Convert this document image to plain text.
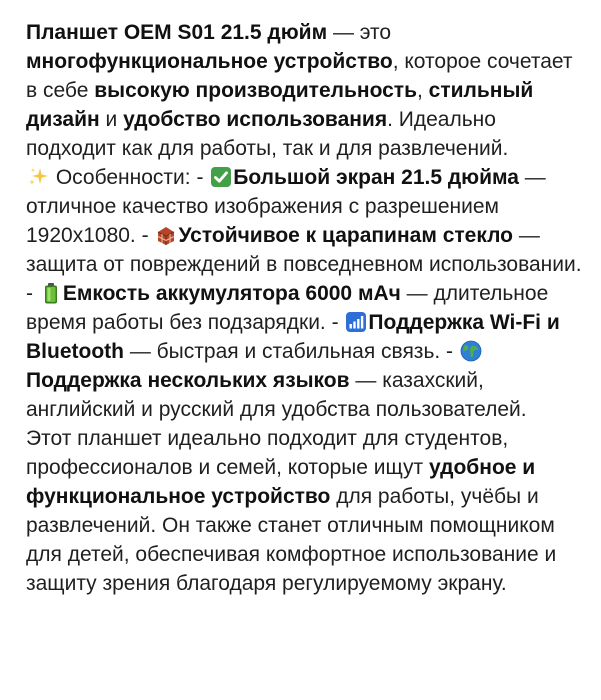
Планшет OEM S01 21.5 дюйм — это многофункциональное устройство, которое сочетает в себе высокую производительность, стильный дизайн и удобство использования. Идеально подходит как для работы, так и для развлечений.

Особенности: -
Большой экран 21.5 дюйма — отличное качество изображения с разрешением 1920x1080. -
Устойчивое к царапинам стекло — защита от повреждений в повседневном использовании. -
Емкость аккумулятора 6000 мАч — длительное время работы без подзарядки. -
Поддержка Wi-Fi и Bluetooth — быстрая и стабильная связь. -
Поддержка нескольких языков — казахский, английский и русский для удобства пользователей.

Этот планшет идеально подходит для студентов, профессионалов и семей, которые ищут удобное и функциональное устройство для работы, учёбы и развлечений. Он также станет отличным помощником для детей, обеспечивая комфортное использование и защиту зрения благодаря регулируемому экрану.
